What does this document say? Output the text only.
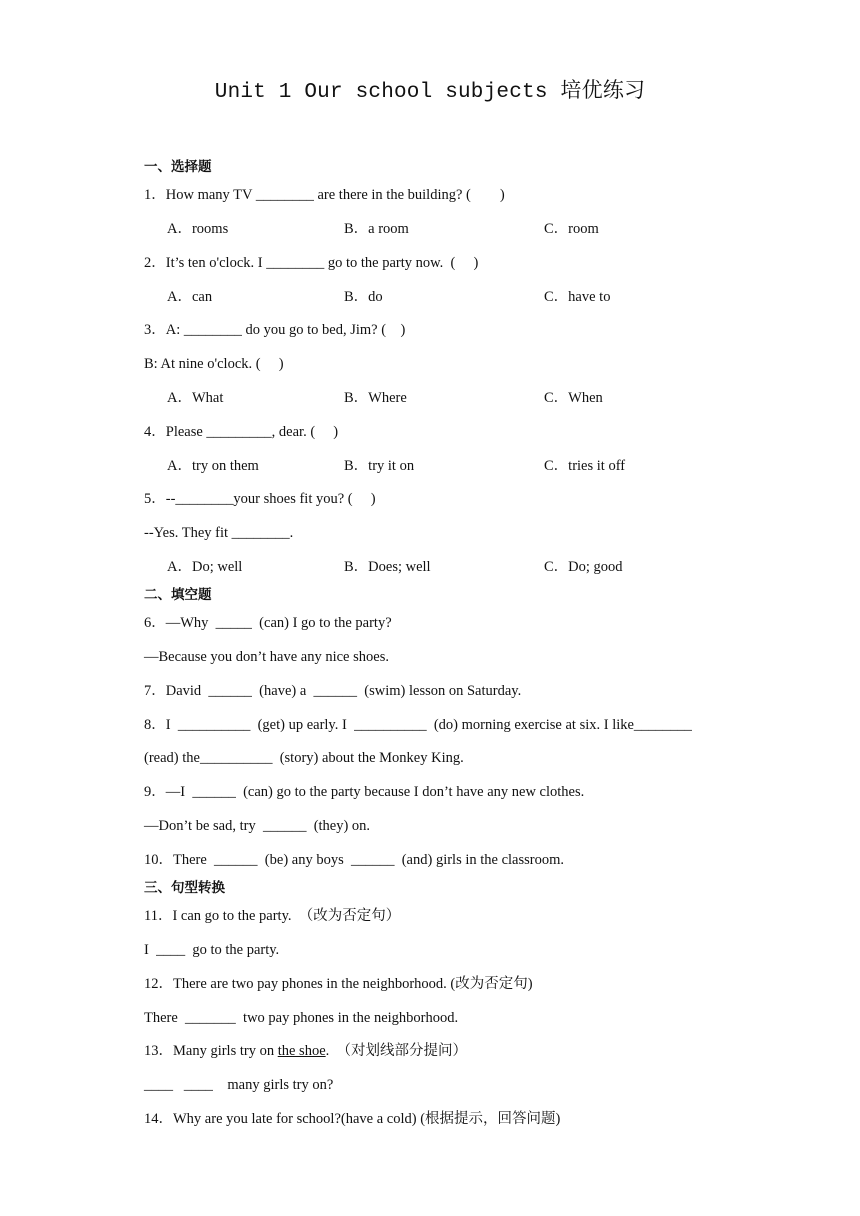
Unit 1 Our school subjects 培优练习
一、选择题
1．How many TV ________ are there in the building? (        )
A．rooms	B．a room	C．room
2．It’s ten o'clock. I ________ go to the party now.  (     )
A．can	B．do	C．have to
3．A: ________ do you go to bed, Jim? (    )
B: At nine o'clock. (     )
A．What	B．Where	C．When
4．Please _________, dear. (     )
A．try on them	B．try it on	C．tries it off
5．--________your shoes fit you? (     )
--Yes. They fit ________.
A．Do; well	B．Does; well	C．Do; good
二、填空题
6．—Why  _____  (can) I go to the party?
—Because you don’t have any nice shoes.
7．David  ______  (have) a  ______  (swim) lesson on Saturday.
8．I  __________  (get) up early. I  __________  (do) morning exercise at six. I like________
(read) the__________  (story) about the Monkey King.
9．—I  ______  (can) go to the party because I don’t have any new clothes.
—Don’t be sad, try  ______  (they) on.
10．There  ______  (be) any boys  ______  (and) girls in the classroom.
三、句型转换
11．I can go to the party.  （改为否定句）
I  ____  go to the party.
12．There are two pay phones in the neighborhood. (改为否定句)
There  _______  two pay phones in the neighborhood.
13．Many girls try on the shoe.  （对划线部分提问）
____   ____    many girls try on?
14．Why are you late for school?(have a cold) (根据提示，回答问题)
